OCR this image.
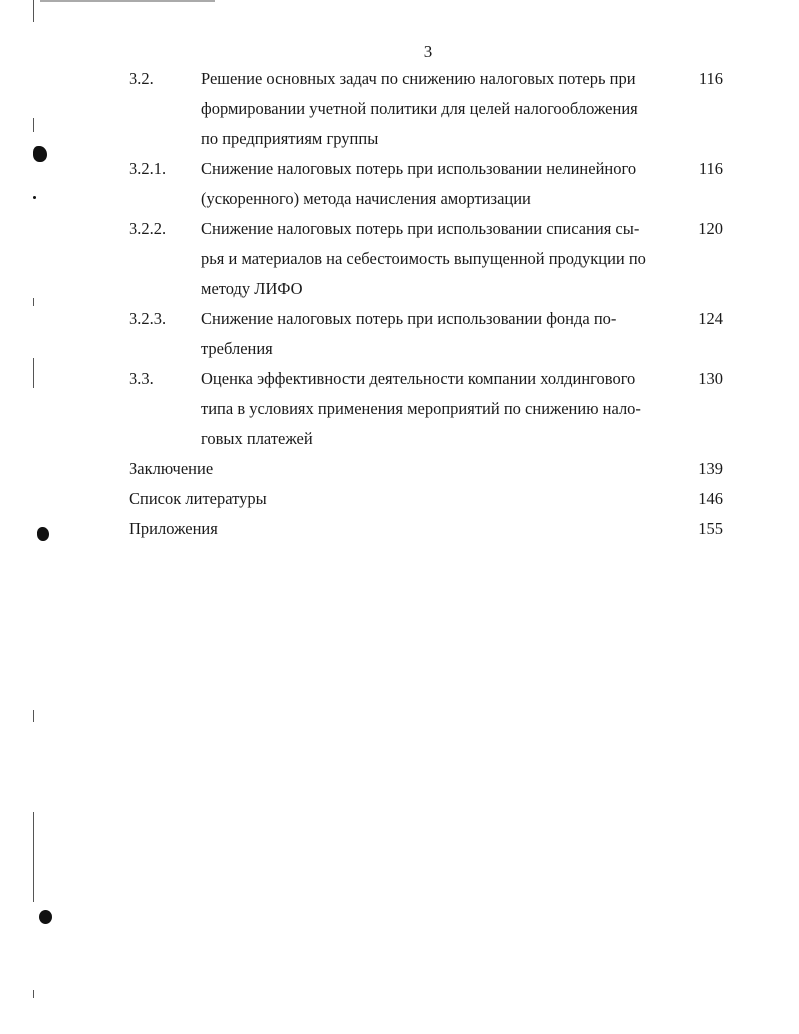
3
3.2.	Решение основных задач по снижению налоговых потерь при
формировании учетной политики для целей налогообложения
по предприятиям группы
116
3.2.1.	Снижение налоговых потерь при использовании нелинейного
(ускоренного) метода начисления амортизации
116
3.2.2.	Снижение налоговых потерь при использовании списания сы-
рья и материалов на себестоимость выпущенной продукции по
методу ЛИФО
120
3.2.3.	Снижение налоговых потерь при использовании фонда по-
требления
124
3.3.	Оценка эффективности деятельности компании холдингового
типа в условиях применения мероприятий по снижению нало-
говых платежей
130
Заключение	139
Список литературы	146
Приложения	155
